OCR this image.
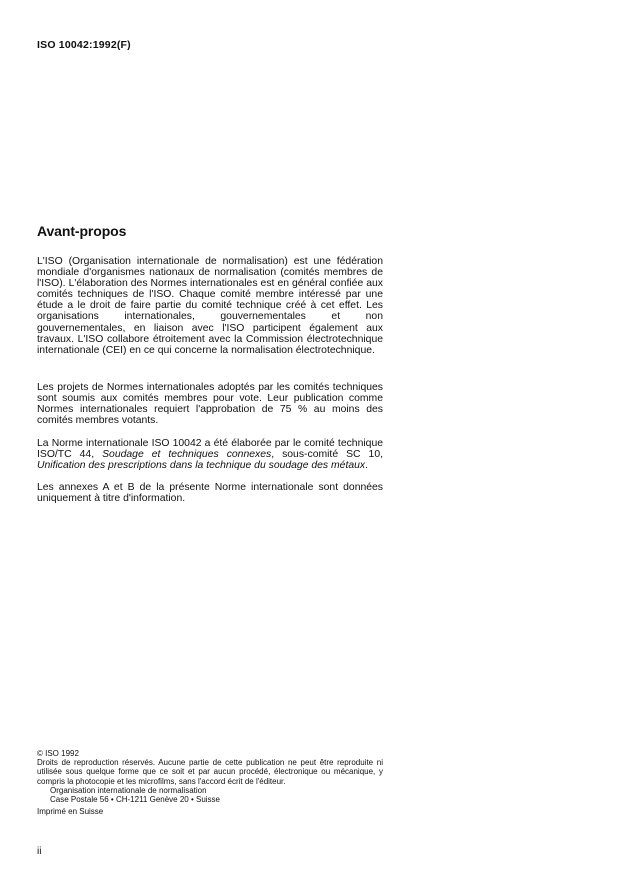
ISO 10042:1992(F)
Avant-propos

L'ISO (Organisation internationale de normalisation) est une fédération mondiale d'organismes nationaux de normalisation (comités membres de l'ISO). L'élaboration des Normes internationales est en général confiée aux comités techniques de l'ISO. Chaque comité membre intéressé par une étude a le droit de faire partie du comité technique créé à cet effet. Les organisations internationales, gouvernementales et non gouvernementales, en liaison avec l'ISO participent également aux travaux. L'ISO collabore étroitement avec la Commission électrotechnique internationale (CEI) en ce qui concerne la normalisation électrotechnique.

Les projets de Normes internationales adoptés par les comités techniques sont soumis aux comités membres pour vote. Leur publication comme Normes internationales requiert l'approbation de 75 % au moins des comités membres votants.

La Norme internationale ISO 10042 a été élaborée par le comité technique ISO/TC 44, Soudage et techniques connexes, sous-comité SC 10, Unification des prescriptions dans la technique du soudage des métaux.

Les annexes A et B de la présente Norme internationale sont données uniquement à titre d'information.

© ISO 1992
Droits de reproduction réservés. Aucune partie de cette publication ne peut être reproduite ni utilisée sous quelque forme que ce soit et par aucun procédé, électronique ou mécanique, y compris la photocopie et les microfilms, sans l'accord écrit de l'éditeur.
Organisation internationale de normalisation
Case Postale 56 • CH-1211 Genève 20 • Suisse
Imprimé en Suisse
ii
